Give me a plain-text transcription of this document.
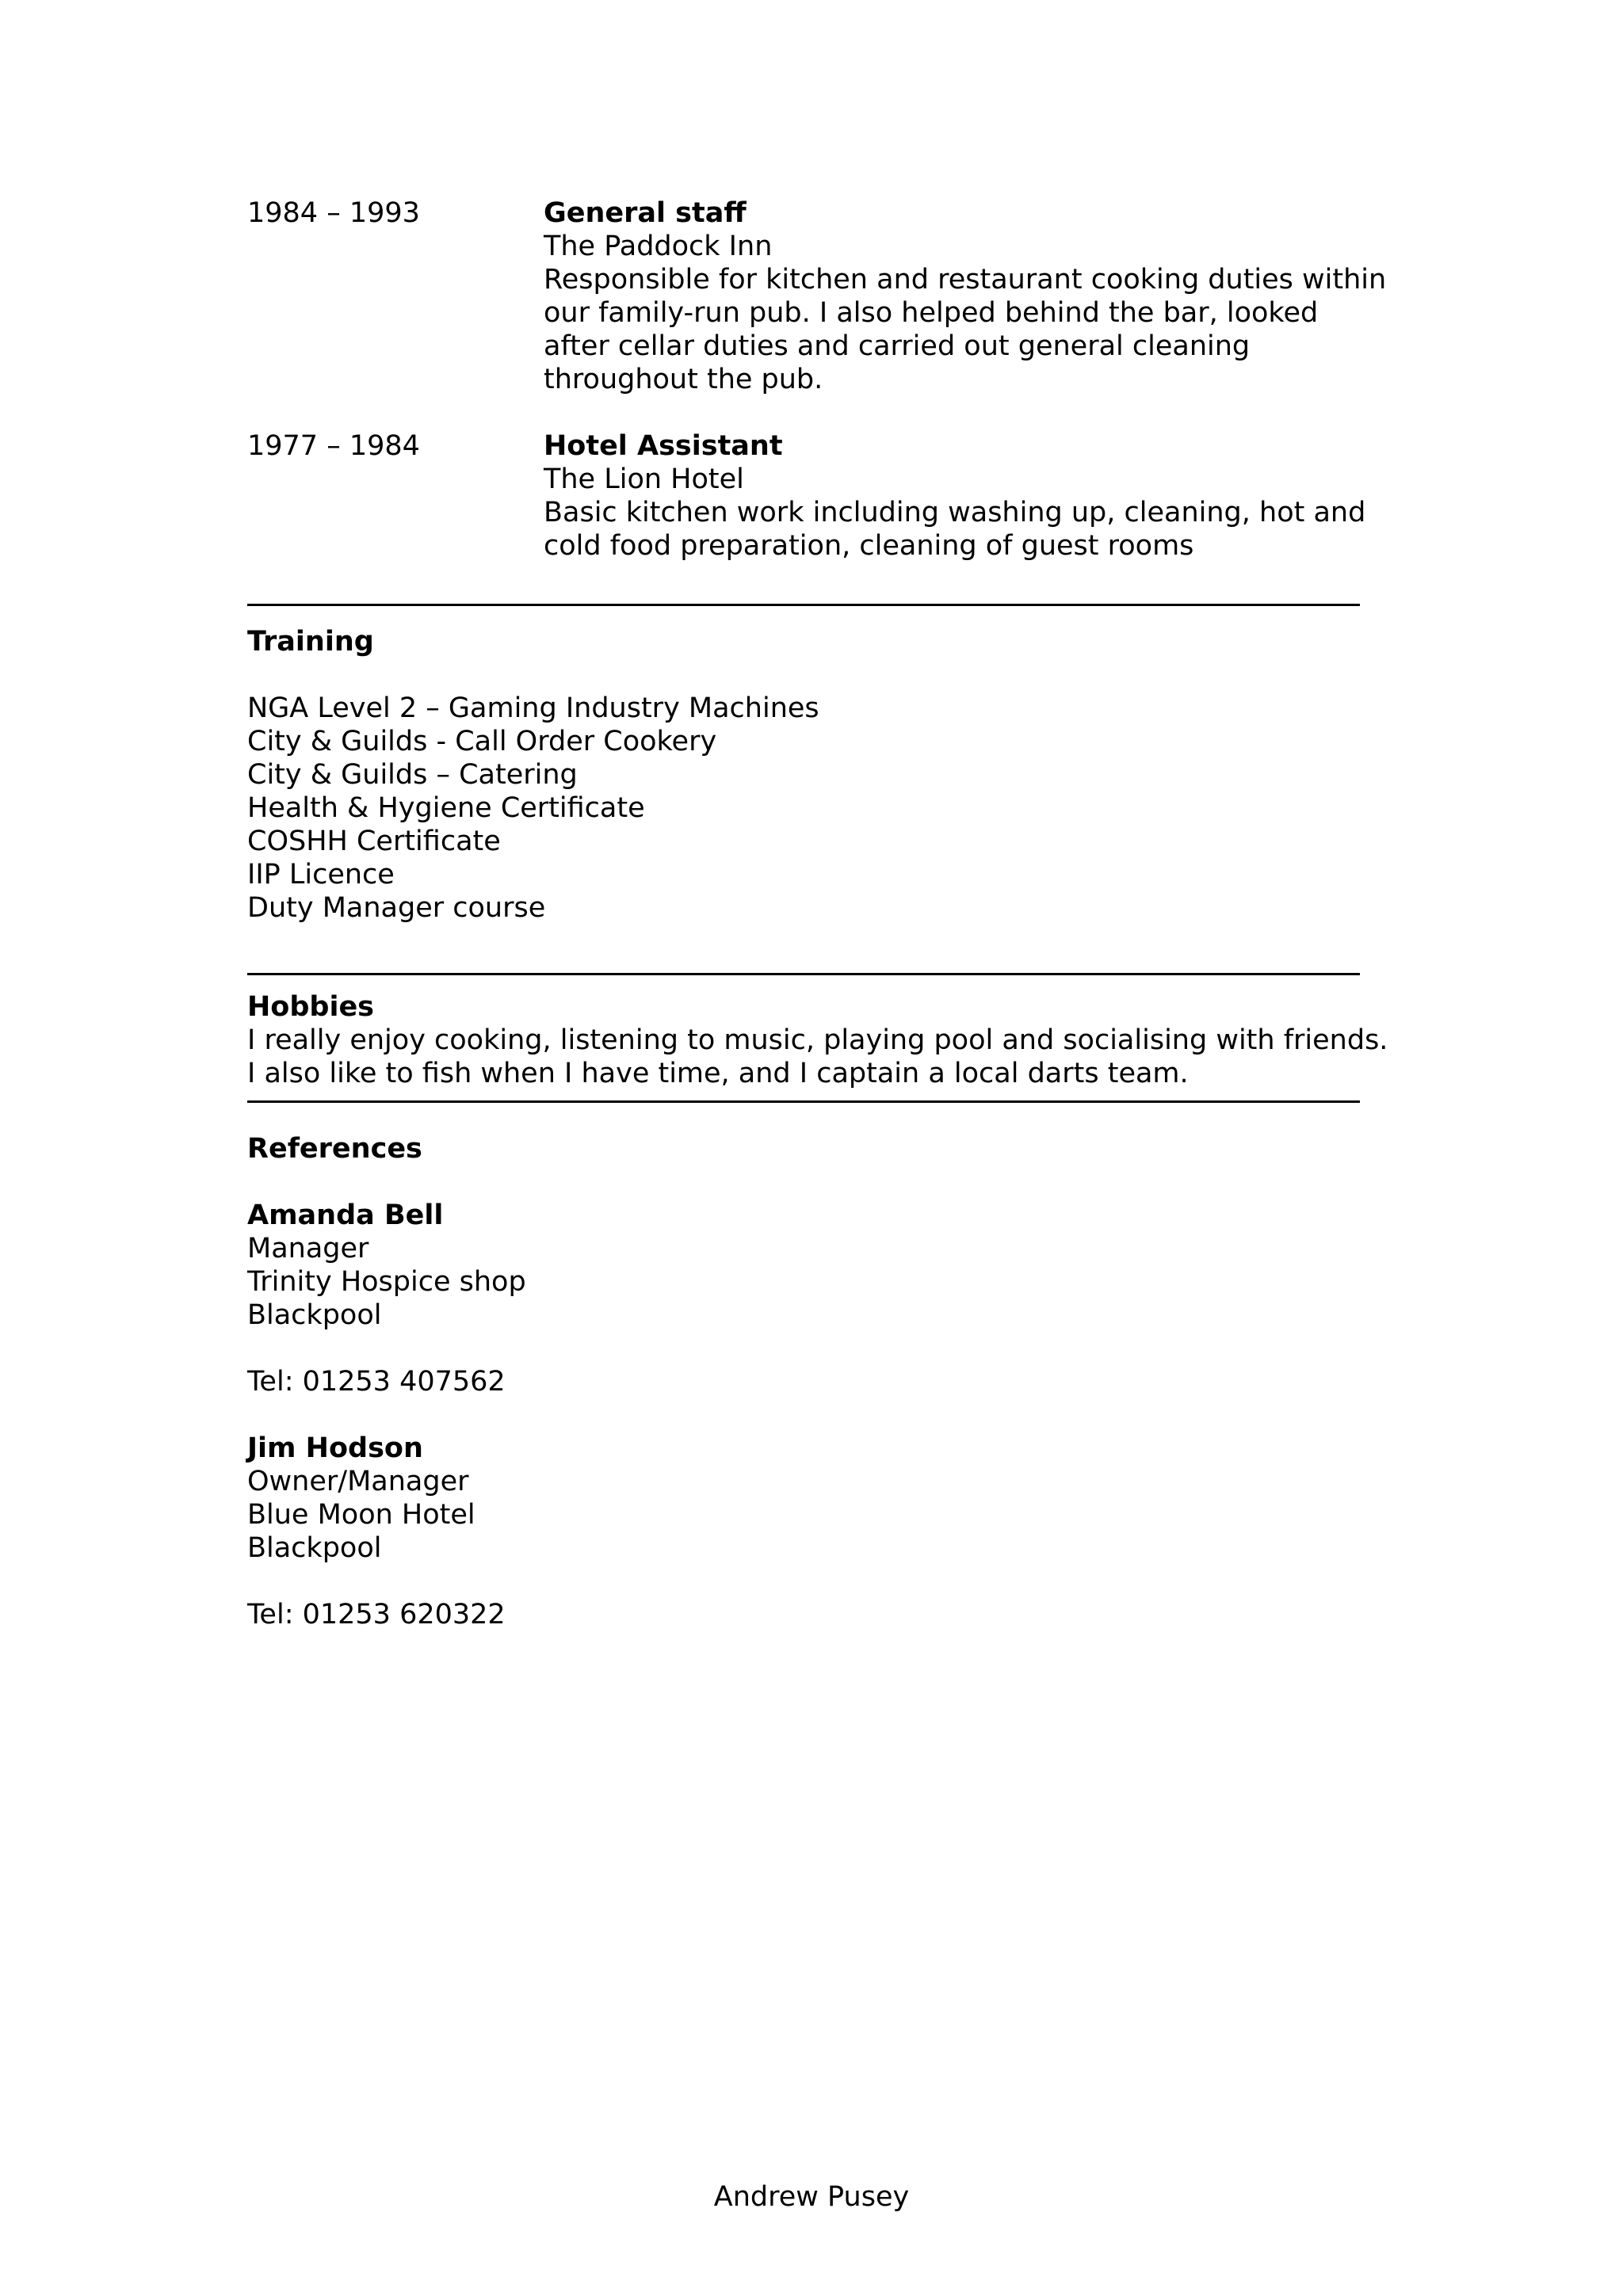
1984 – 1993	General staff
The Paddock Inn
Responsible for kitchen and restaurant cooking duties within
our family-run pub. I also helped behind the bar, looked
after cellar duties and carried out general cleaning
throughout the pub.
1977 – 1984	Hotel Assistant
The Lion Hotel
Basic kitchen work including washing up, cleaning, hot and
cold food preparation, cleaning of guest rooms
Training
NGA Level 2 – Gaming Industry Machines
City & Guilds - Call Order Cookery
City & Guilds – Catering
Health & Hygiene Certificate
COSHH Certificate
IIP Licence
Duty Manager course
Hobbies
I really enjoy cooking, listening to music, playing pool and socialising with friends.
I also like to fish when I have time, and I captain a local darts team.
References
Amanda Bell
Manager
Trinity Hospice shop
Blackpool
Tel: 01253 407562
Jim Hodson
Owner/Manager
Blue Moon Hotel
Blackpool
Tel: 01253 620322
Andrew Pusey
